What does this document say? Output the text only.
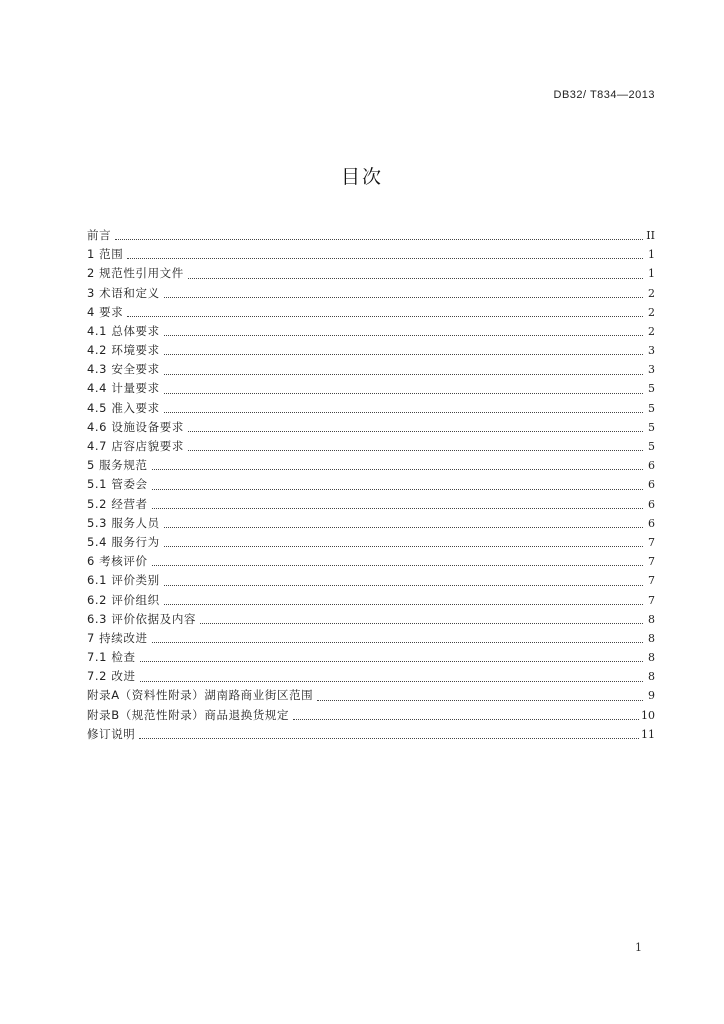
DB32/ T834—2013
目次
前言	II
1 范围	1
2 规范性引用文件	1
3 术语和定义	2
4 要求	2
4.1 总体要求	2
4.2 环境要求	3
4.3 安全要求	3
4.4 计量要求	5
4.5 准入要求	5
4.6 设施设备要求	5
4.7 店容店貌要求	5
5 服务规范	6
5.1 管委会	6
5.2 经营者	6
5.3 服务人员	6
5.4 服务行为	7
6 考核评价	7
6.1 评价类别	7
6.2 评价组织	7
6.3 评价依据及内容	8
7 持续改进	8
7.1 检查	8
7.2 改进	8
附录A（资料性附录）湖南路商业街区范围	9
附录B（规范性附录）商品退换货规定	10
修订说明	11
1
